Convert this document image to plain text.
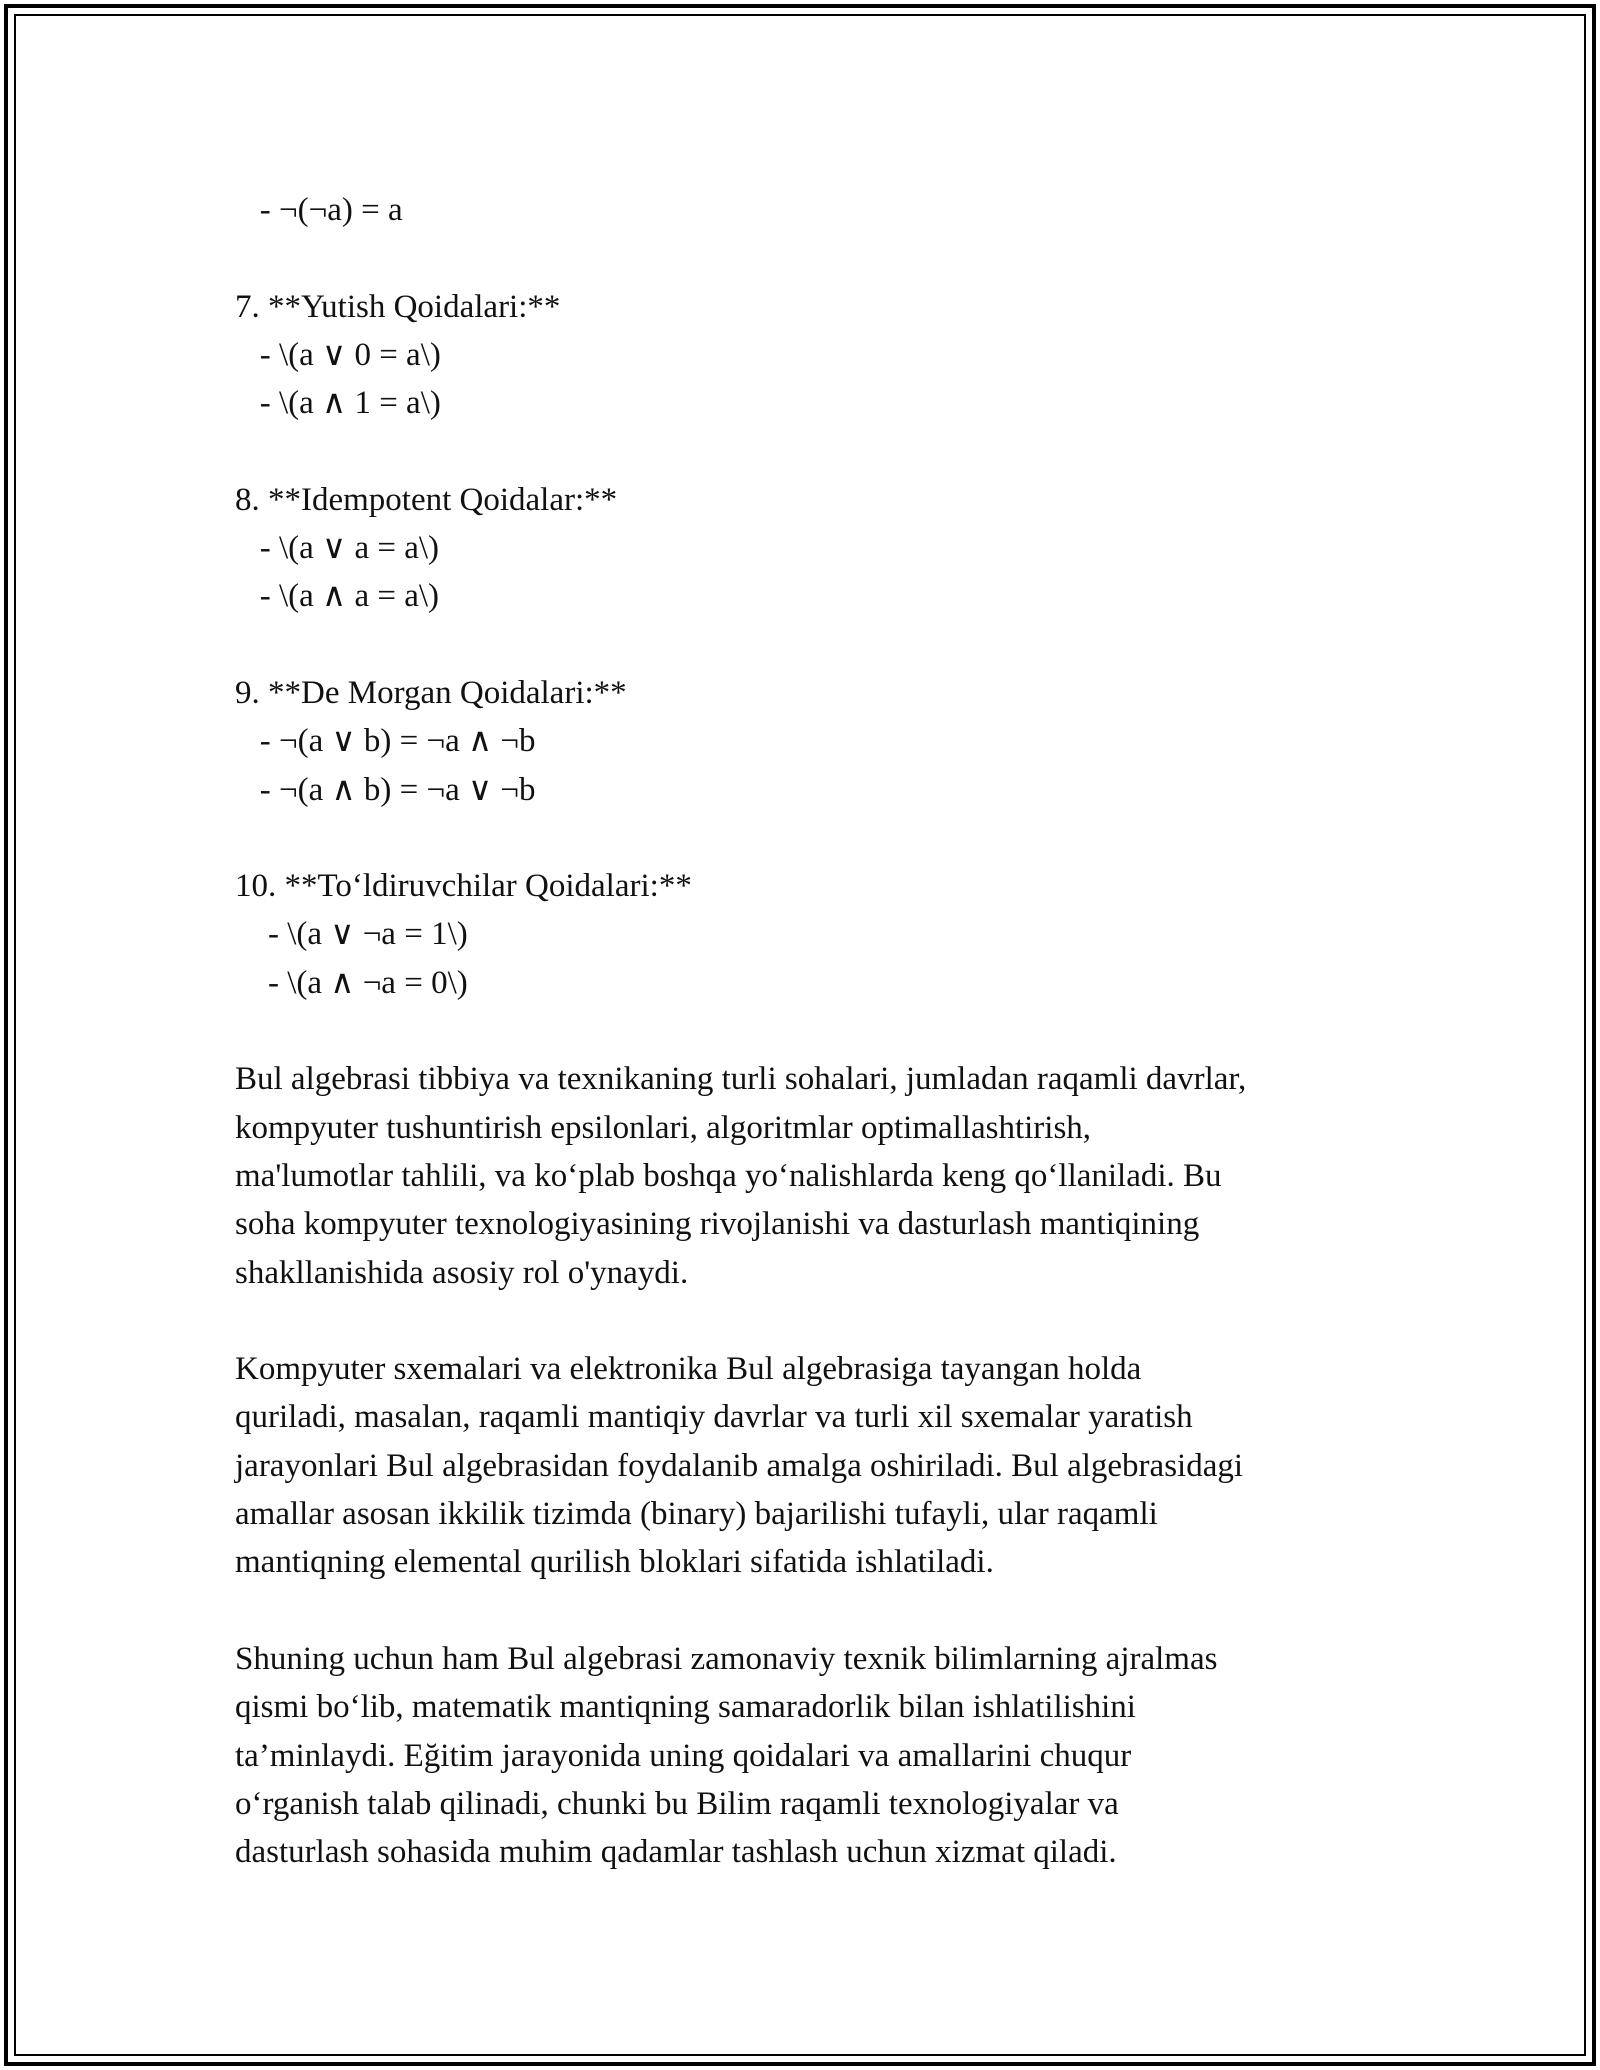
- ¬(¬a) = a
7. **Yutish Qoidalari:**
- \(a ∨ 0 = a\)
- \(a ∧ 1 = a\)
8. **Idempotent Qoidalar:**
- \(a ∨ a = a\)
- \(a ∧ a = a\)
9. **De Morgan Qoidalari:**
- ¬(a ∨ b) = ¬a ∧ ¬b
- ¬(a ∧ b) = ¬a ∨ ¬b
10. **To‘ldiruvchilar Qoidalari:**
- \(a ∨ ¬a = 1\)
- \(a ∧ ¬a = 0\)
Bul algebrasi tibbiya va texnikaning turli sohalari, jumladan raqamli davrlar,
kompyuter tushuntirish epsilonlari, algoritmlar optimallashtirish,
ma'lumotlar tahlili, va ko‘plab boshqa yo‘nalishlarda keng qo‘llaniladi. Bu
soha kompyuter texnologiyasining rivojlanishi va dasturlash mantiqining
shakllanishida asosiy rol o'ynaydi.
Kompyuter sxemalari va elektronika Bul algebrasiga tayangan holda
quriladi, masalan, raqamli mantiqiy davrlar va turli xil sxemalar yaratish
jarayonlari Bul algebrasidan foydalanib amalga oshiriladi. Bul algebrasidagi
amallar asosan ikkilik tizimda (binary) bajarilishi tufayli, ular raqamli
mantiqning elemental qurilish bloklari sifatida ishlatiladi.
Shuning uchun ham Bul algebrasi zamonaviy texnik bilimlarning ajralmas
qismi bo‘lib, matematik mantiqning samaradorlik bilan ishlatilishini
ta’minlaydi. Eğitim jarayonida uning qoidalari va amallarini chuqur
o‘rganish talab qilinadi, chunki bu Bilim raqamli texnologiyalar va
dasturlash sohasida muhim qadamlar tashlash uchun xizmat qiladi.
